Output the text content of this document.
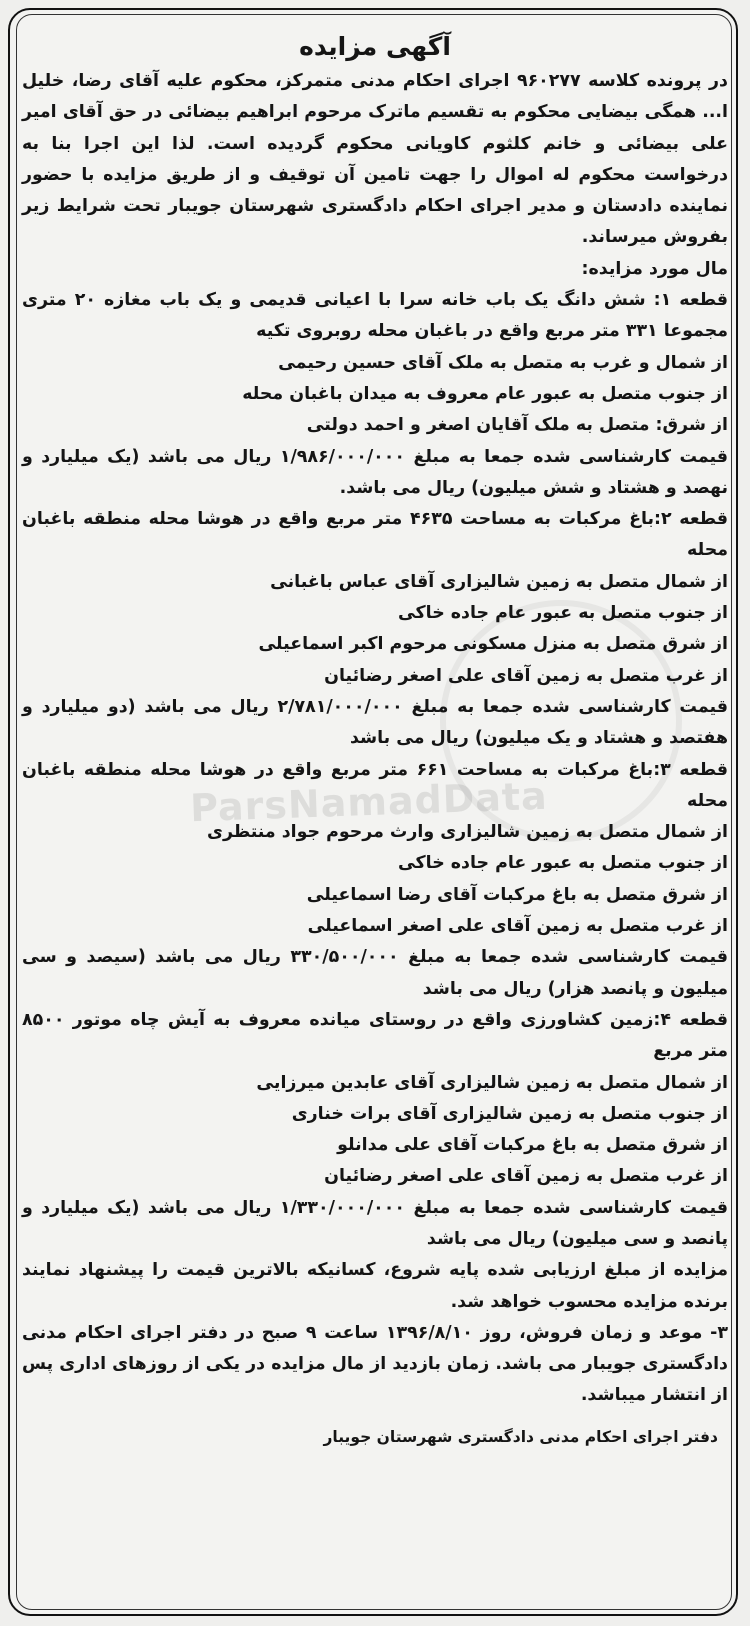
آگهی مزایده

در پرونده کلاسه ۹۶۰۲۷۷ اجرای احکام مدنی متمرکز، محکوم علیه آقای رضا، خلیل ا... همگی بیضایی محکوم به تقسیم ماترک مرحوم ابراهیم بیضائی در حق آقای امیر علی بیضائی و خانم کلثوم کاویانی محکوم گردیده است. لذا این اجرا بنا به درخواست محکوم له اموال را جهت تامین آن توقیف و از طریق مزایده با حضور نماینده دادستان و مدیر اجرای احکام دادگستری شهرستان جویبار تحت شرایط زیر بفروش میرساند.

مال مورد مزایده:

قطعه ۱: شش دانگ یک باب خانه سرا با اعیانی قدیمی و یک باب مغازه ۲۰ متری مجموعا ۳۳۱ متر مربع واقع در باغبان محله روبروی تکیه

از شمال و غرب به متصل به ملک آقای حسین رحیمی

از جنوب متصل به عبور عام معروف به میدان باغبان محله

از شرق: متصل به ملک آقایان اصغر و احمد دولتی

قیمت کارشناسی شده جمعا به مبلغ ۱/۹۸۶/۰۰۰/۰۰۰ ریال می باشد (یک میلیارد و نهصد و هشتاد و شش میلیون) ریال می باشد.

قطعه ۲:باغ مرکبات به مساحت ۴۶۳۵ متر مربع واقع در هوشا محله منطقه باغبان محله

از شمال متصل به زمین شالیزاری آقای عباس باغبانی

از جنوب متصل به عبور عام جاده خاکی

از شرق متصل به منزل مسکونی مرحوم اکبر اسماعیلی

از غرب متصل به زمین آقای علی اصغر رضائیان

قیمت کارشناسی شده جمعا به مبلغ ۲/۷۸۱/۰۰۰/۰۰۰ ریال می باشد (دو میلیارد و هفتصد و هشتاد و یک میلیون) ریال می باشد

قطعه ۳:باغ مرکبات به مساحت ۶۶۱ متر مربع واقع در هوشا محله منطقه باغبان محله

از شمال متصل به زمین شالیزاری وارث مرحوم جواد منتظری

از جنوب متصل به عبور عام جاده خاکی

از شرق متصل به باغ مرکبات آقای رضا اسماعیلی

از غرب متصل به زمین آقای علی اصغر اسماعیلی

قیمت کارشناسی شده جمعا به مبلغ ۳۳۰/۵۰۰/۰۰۰ ریال می باشد (سیصد و سی میلیون و پانصد هزار) ریال می باشد

قطعه ۴:زمین کشاورزی واقع در روستای میانده معروف به آیش چاه موتور ۸۵۰۰ متر مربع

از شمال متصل به زمین شالیزاری آقای عابدین میرزایی

از جنوب متصل به زمین شالیزاری آقای برات خناری

از شرق متصل به باغ مرکبات آقای علی مدانلو

از غرب متصل به زمین آقای علی اصغر رضائیان

قیمت کارشناسی شده جمعا به مبلغ ۱/۳۳۰/۰۰۰/۰۰۰ ریال می باشد (یک میلیارد و پانصد و سی میلیون) ریال می باشد

مزایده از مبلغ ارزیابی شده پایه شروع، کسانیکه بالاترین قیمت را پیشنهاد نمایند برنده مزایده محسوب خواهد شد.

۳- موعد و زمان فروش، روز ۱۳۹۶/۸/۱۰ ساعت ۹ صبح در دفتر اجرای احکام مدنی دادگستری جویبار می باشد. زمان بازدید از مال مزایده در یکی از روزهای اداری پس از انتشار میباشد.

دفتر اجرای احکام مدنی دادگستری شهرستان جویبار
